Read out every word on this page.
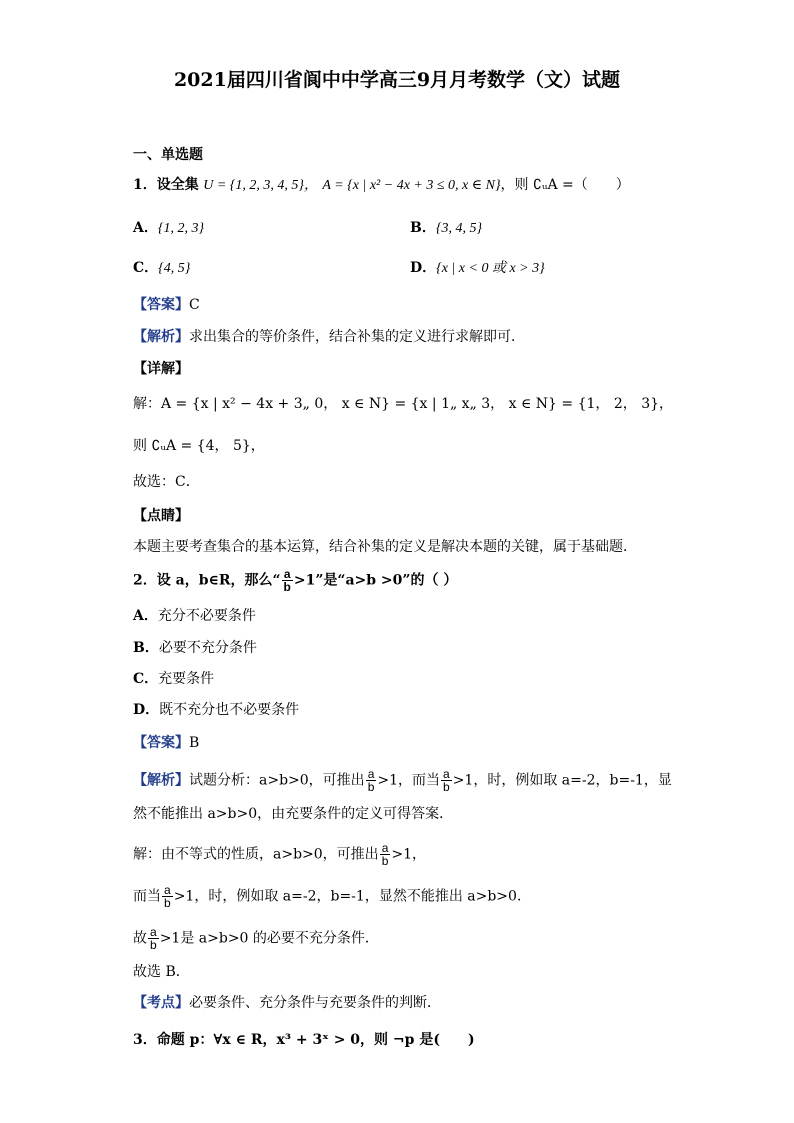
2021届四川省阆中中学高三9月月考数学（文）试题
一、单选题
1．设全集 U = {1, 2, 3, 4, 5}， A = {x | x² − 4x + 3 ≤ 0, x ∈ N}，则 ∁ᵤA =（　　）
A．{1, 2, 3}	B．{3, 4, 5}
C．{4, 5}	D．{x | x < 0 或 x > 3}
【答案】C
【解析】求出集合的等价条件，结合补集的定义进行求解即可．
【详解】
解：A = {x | x² − 4x + 3„ 0， x ∈ N} = {x | 1„ x„ 3， x ∈ N} = {1， 2， 3}，
则 ∁ᵤA = {4， 5}，
故选：C．
【点睛】
本题主要考查集合的基本运算，结合补集的定义是解决本题的关键，属于基础题．
2．设 a，b∈R，那么“ $\frac{a}{b} >1$”是“a>b >0”的（ ）
A．充分不必要条件
B．必要不充分条件
C．充要条件
D．既不充分也不必要条件
【答案】B
【解析】试题分析：a>b>0，可推出 $\frac{a}{b} >1$，而当 $\frac{a}{b} >1$，时，例如取 a=-2，b=-1，显
然不能推出 a>b>0，由充要条件的定义可得答案．
解：由不等式的性质，a>b>0，可推出 $\frac{a}{b} >1$，
而当 $\frac{a}{b} >1$，时，例如取 a=-2，b=-1，显然不能推出 a>b>0．
故 $\frac{a}{b} >1$是 a>b>0 的必要不充分条件．
故选 B．
【考点】必要条件、充分条件与充要条件的判断．
3．命题 p：∀x ∈ R，x³ + 3ˣ > 0，则 ¬p 是(　　)
